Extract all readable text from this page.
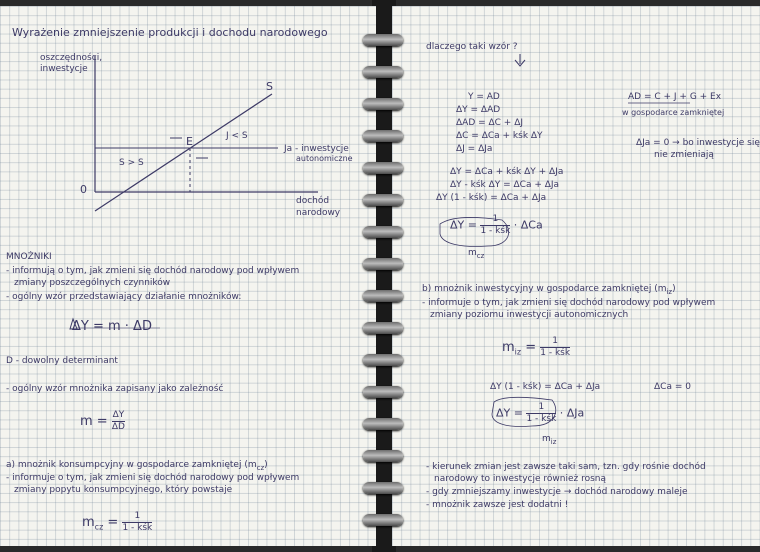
Wyrażenie zmniejszenie produkcji i dochodu narodowego
oszczędności,
inwestycje
S
E
S > S
J < S
Ja - inwestycje
autonomiczne
0
dochód
narodowy
MNOŻNIKI
- informują o tym, jak zmieni się dochód narodowy pod wpływem
zmiany poszczególnych czynników
- ogólny wzór przedstawiający działanie mnożników:
ΔY = m · ΔD
D - dowolny determinant
- ogólny wzór mnożnika zapisany jako zależność
$m = \frac{\Delta Y}{\Delta D}$
a) mnożnik konsumpcyjny w gospodarce zamkniętej $(m_{cz})$
- informuje o tym, jak zmieni się dochód narodowy pod wpływem
zmiany popytu konsumpcyjnego, który powstaje
$m_{cz} = \frac{1}{\text{1 - kśk}}$
dlaczego taki wzór ?
Y = AD
ΔY = ΔAD
ΔAD = ΔC + ΔJ
ΔC = ΔCa + kśk ΔY
ΔJ = ΔJa
ΔY = ΔCa + kśk ΔY + ΔJa
ΔY - kśk ΔY = ΔCa + ΔJa
ΔY (1 - kśk) = ΔCa + ΔJa
$\Delta Y = \frac{1}{\text{1 - kśk}} \cdot \Delta Ca$
$m_{cz}$
AD = C + J + G + Ex
w gospodarce zamkniętej
ΔJa = 0 → bo inwestycje się
nie zmieniają
b) mnożnik inwestycyjny w gospodarce zamkniętej $(m_{iz})$
- informuje o tym, jak zmieni się dochód narodowy pod wpływem
zmiany poziomu inwestycji autonomicznych
$m_{iz} = \frac{1}{\text{1 - kśk}}$
ΔY (1 - kśk) = ΔCa + ΔJa	ΔCa = 0
$\Delta Y = \frac{1}{\text{1 - kśk}} \cdot \Delta Ja$
$m_{iz}$
- kierunek zmian jest zawsze taki sam, tzn. gdy rośnie dochód
narodowy to inwestycje również rosną
- gdy zmniejszamy inwestycje → dochód narodowy maleje
- mnożnik zawsze jest dodatni !
